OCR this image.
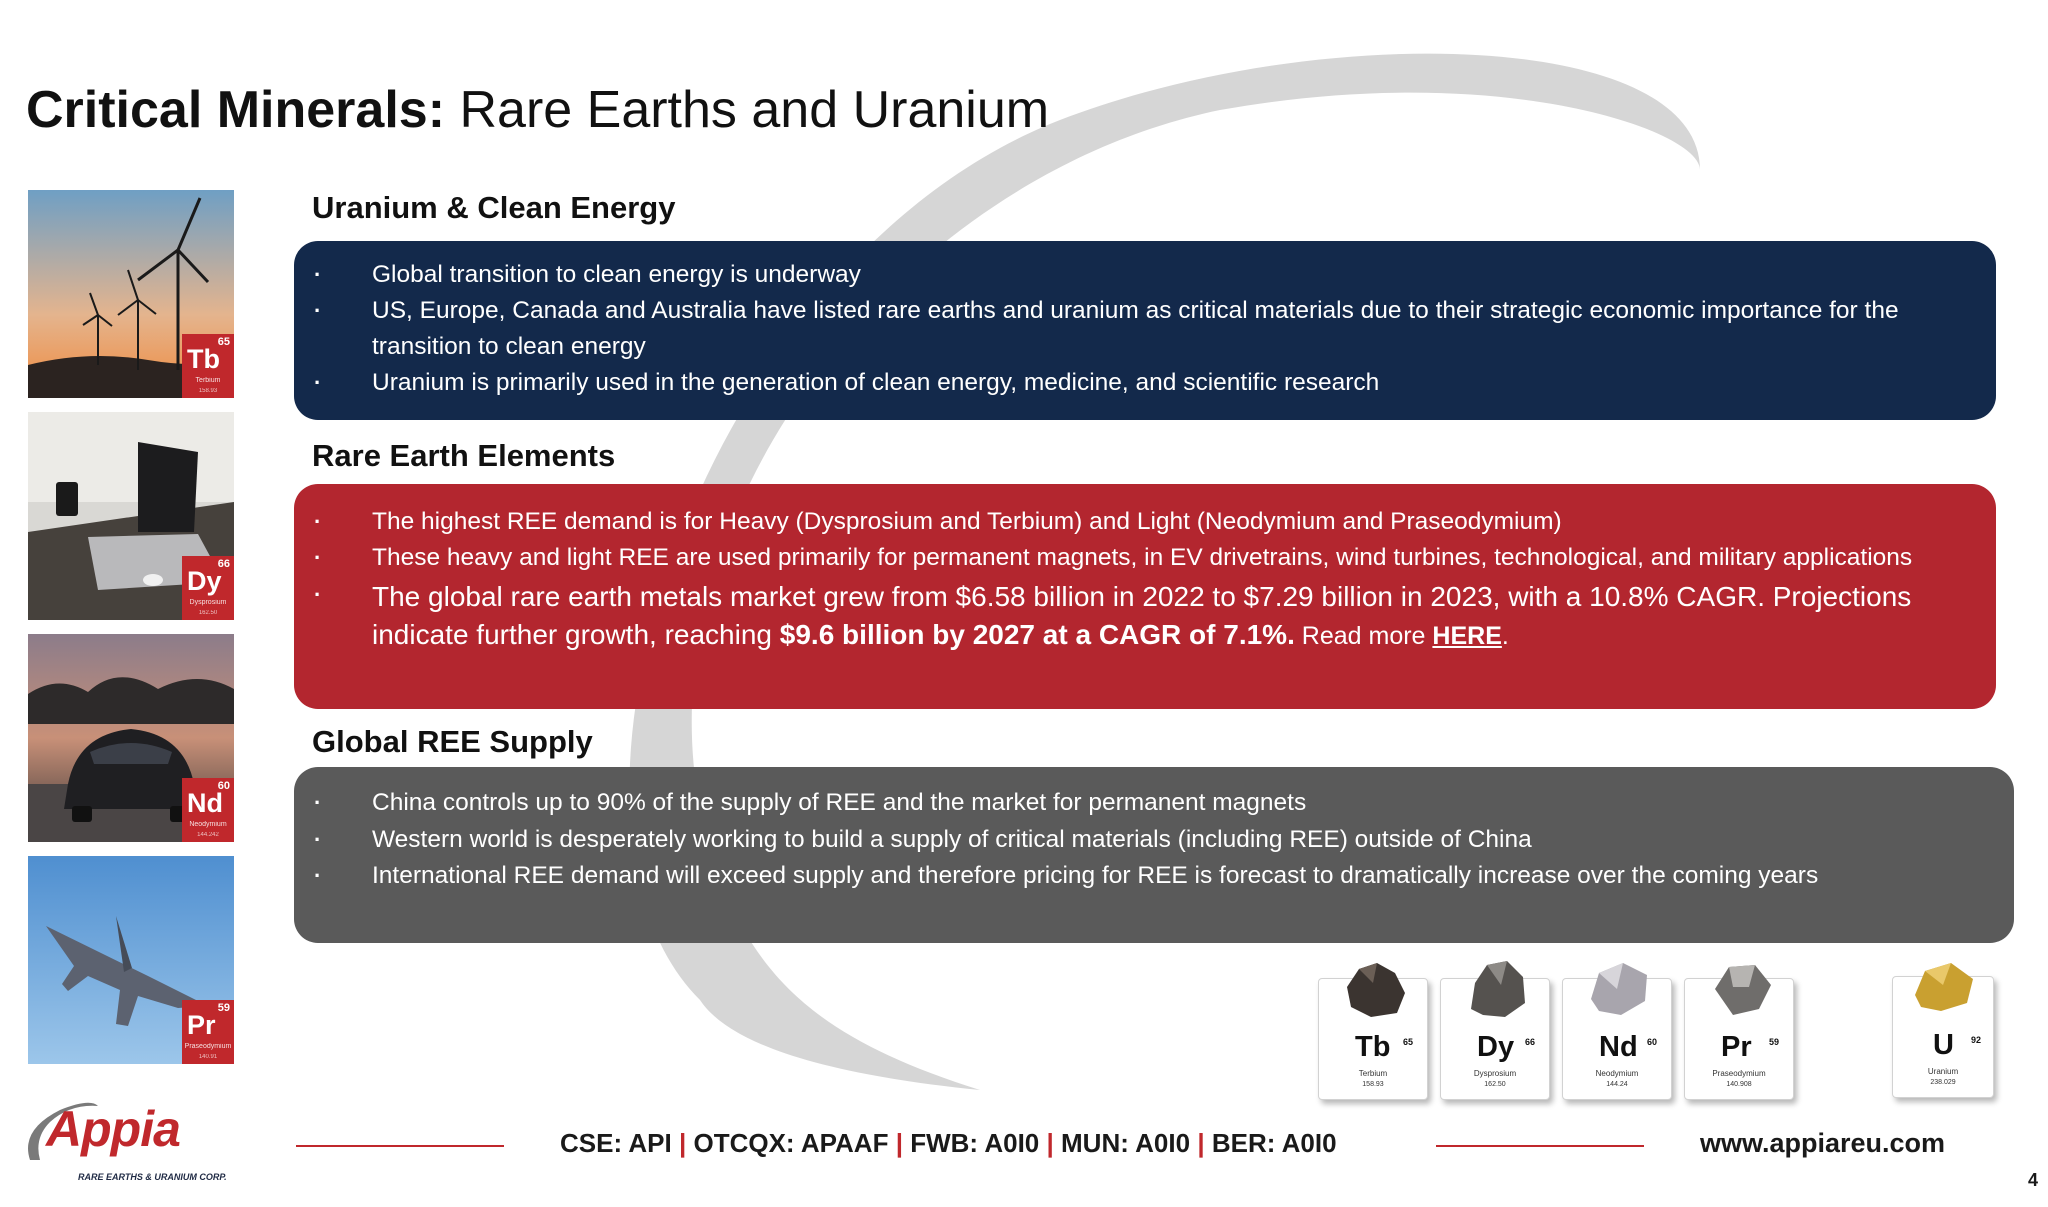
Critical Minerals: Rare Earths and Uranium
65
Tb
Terbium
158.93
66
Dy
Dysprosium
162.50
60
Nd
Neodymium
144.242
59
Pr
Praseodymium
140.91
Uranium & Clean Energy
· Global transition to clean energy is underway
· US, Europe, Canada and Australia have listed rare earths and uranium as critical materials due to their strategic economic importance for the transition to clean energy
· Uranium is primarily used in the generation of clean energy, medicine, and scientific research
Rare Earth Elements
· The highest REE demand is for Heavy (Dysprosium and Terbium) and Light (Neodymium and Praseodymium)
· These heavy and light REE are used primarily for permanent magnets, in EV drivetrains, wind turbines, technological, and military applications
· The global rare earth metals market grew from $6.58 billion in 2022 to $7.29 billion in 2023, with a 10.8% CAGR. Projections indicate further growth, reaching $9.6 billion by 2027 at a CAGR of 7.1%. Read more HERE.
Global REE Supply
· China controls up to 90% of the supply of REE and the market for permanent magnets
· Western world is desperately working to build a supply of critical materials (including REE) outside of China
· International REE demand will exceed supply and therefore pricing for REE is forecast to dramatically increase over the coming years
Tb 65
Terbium
158.93
Dy 66
Dysprosium
162.50
Nd 60
Neodymium
144.24
Pr 59
Praseodymium
140.908
U 92
Uranium
238.029
Appia
RARE EARTHS & URANIUM CORP.
CSE: API | OTCQX: APAAF | FWB: A0I0 | MUN: A0I0 | BER: A0I0	www.appiareu.com
4
